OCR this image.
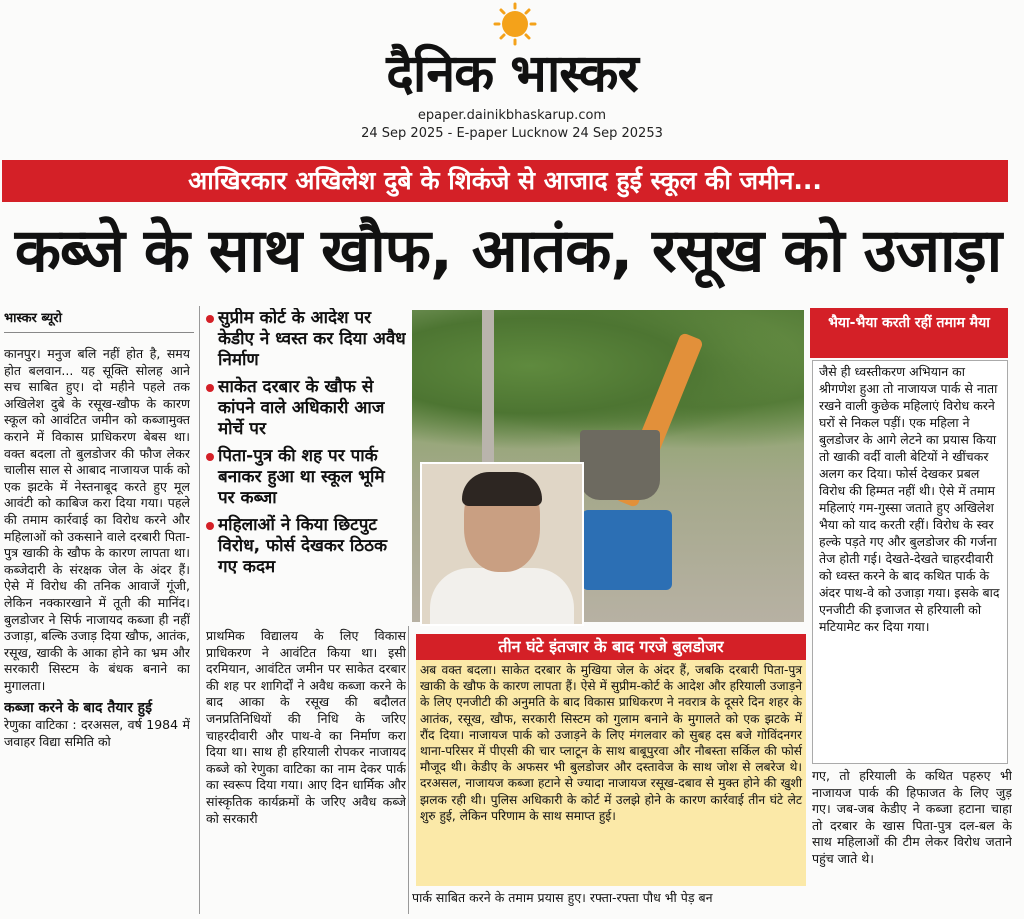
दैनिक भास्कर
epaper.dainikbhaskarup.com
24 Sep 2025 - E-paper Lucknow 24 Sep 20253
आखिरकार अखिलेश दुबे के शिकंजे से आजाद हुई स्कूल की जमीन...
कब्जे के साथ खौफ, आतंक, रसूख को उजाड़ा
भास्कर ब्यूरो
कानपुर। मनुज बलि नहीं होत है, समय होत बलवान... यह सूक्ति सोलह आने सच साबित हुए। दो महीने पहले तक अखिलेश दुबे के रसूख-खौफ के कारण स्कूल को आवंटित जमीन को कब्जामुक्त कराने में विकास प्राधिकरण बेबस था। वक्त बदला तो बुलडोजर की फौज लेकर चालीस साल से आबाद नाजायज पार्क को एक झटके में नेस्तनाबूद करते हुए मूल आवंटी को काबिज करा दिया गया। पहले की तमाम कार्रवाई का विरोध करने और महिलाओं को उकसाने वाले दरबारी पिता-पुत्र खाकी के खौफ के कारण लापता था। कब्जेदारी के संरक्षक जेल के अंदर हैं। ऐसे में विरोध की तनिक आवाजें गूंजी, लेकिन नक्कारखाने में तूती की मानिंद। बुलडोजर ने सिर्फ नाजायद कब्जा ही नहीं उजाड़ा, बल्कि उजाड़ दिया खौफ, आतंक, रसूख, खाकी के आका होने का भ्रम और सरकारी सिस्टम के बंधक बनाने का मुगालता।
कब्जा करने के बाद तैयार हुई
रेणुका वाटिका : दरअसल, वर्ष 1984 में जवाहर विद्या समिति को
सुप्रीम कोर्ट के आदेश पर केडीए ने ध्वस्त कर दिया अवैध निर्माण
साकेत दरबार के खौफ से कांपने वाले अधिकारी आज मोर्चे पर
पिता-पुत्र की शह पर पार्क बनाकर हुआ था स्कूल भूमि पर कब्जा
महिलाओं ने किया छिटपुट विरोध, फोर्स देखकर ठिठक गए कदम
भैया-भैया करती रहीं तमाम मैया
जैसे ही ध्वस्तीकरण अभियान का श्रीगणेश हुआ तो नाजायज पार्क से नाता रखने वाली कुछेक महिलाएं विरोध करने घरों से निकल पड़ीं। एक महिला ने बुलडोजर के आगे लेटने का प्रयास किया तो खाकी वर्दी वाली बेटियों ने खींचकर अलग कर दिया। फोर्स देखकर प्रबल विरोध की हिम्मत नहीं थी। ऐसे में तमाम महिलाएं गम-गुस्सा जताते हुए अखिलेश भैया को याद करती रहीं। विरोध के स्वर हल्के पड़ते गए और बुलडोजर की गर्जना तेज होती गई। देखते-देखते चाहरदीवारी को ध्वस्त करने के बाद कथित पार्क के अंदर पाथ-वे को उजाड़ा गया। इसके बाद एनजीटी की इजाजत से हरियाली को मटियामेट कर दिया गया।
प्राथमिक विद्यालय के लिए विकास प्राधिकरण ने आवंटित किया था। इसी दरमियान, आवंटित जमीन पर साकेत दरबार की शह पर शागिर्दों ने अवैध कब्जा करने के बाद आका के रसूख की बदौलत जनप्रतिनिधियों की निधि के जरिए चाहरदीवारी और पाथ-वे का निर्माण करा दिया था। साथ ही हरियाली रोपकर नाजायद कब्जे को रेणुका वाटिका का नाम देकर पार्क का स्वरूप दिया गया। आए दिन धार्मिक और सांस्कृतिक कार्यक्रमों के जरिए अवैध कब्जे को सरकारी
तीन घंटे इंतजार के बाद गरजे बुलडोजर
अब वक्त बदला। साकेत दरबार के मुखिया जेल के अंदर हैं, जबकि दरबारी पिता-पुत्र खाकी के खौफ के कारण लापता हैं। ऐसे में सुप्रीम-कोर्ट के आदेश और हरियाली उजाड़ने के लिए एनजीटी की अनुमति के बाद विकास प्राधिकरण ने नवरात्र के दूसरे दिन शहर के आतंक, रसूख, खौफ, सरकारी सिस्टम को गुलाम बनाने के मुगालते को एक झटके में रौंद दिया। नाजायज पार्क को उजाड़ने के लिए मंगलवार को सुबह दस बजे गोविंदनगर थाना-परिसर में पीएसी की चार प्लाटून के साथ बाबूपुरवा और नौबस्ता सर्किल की फोर्स मौजूद थी। केडीए के अफसर भी बुलडोजर और दस्तावेज के साथ जोश से लबरेज थे। दरअसल, नाजायज कब्जा हटाने से ज्यादा नाजायज रसूख-दबाव से मुक्त होने की खुशी झलक रही थी। पुलिस अधिकारी के कोर्ट में उलझे होने के कारण कार्रवाई तीन घंटे लेट शुरु हुई, लेकिन परिणाम के साथ समाप्त हुई।
पार्क साबित करने के तमाम प्रयास हुए। रफ्ता-रफ्ता पौध भी पेड़ बन
गए, तो हरियाली के कथित पहरुए भी नाजायज पार्क की हिफाजत के लिए जुड़ गए। जब-जब केडीए ने कब्जा हटाना चाहा तो दरबार के खास पिता-पुत्र दल-बल के साथ महिलाओं की टीम लेकर विरोध जताने पहुंच जाते थे।
